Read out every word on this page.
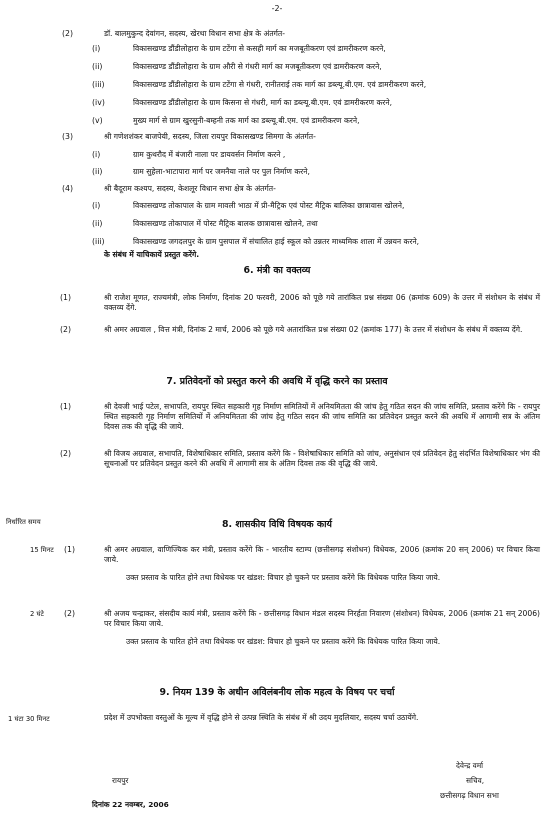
-2-
(2)	डॉ. बालमुकुन्द देवांगन, सदस्य, खेरथा विधान सभा क्षेत्र के अंतर्गत-
(i)	विकासखण्ड डौंडीलोहारा के ग्राम टटेंगा से कसही मार्ग का मजबूतीकरण एवं डामरीकरण करने,
(ii)	विकासखण्ड डौंडीलोहारा के ग्राम औरी से गंधरी मार्ग का मजबूतीकरण एवं डामरीकरण करने,
(iii)	विकासखण्ड डौंडीलोहारा के ग्राम टटेंगा से गंधरी, रानीतराई तक मार्ग का डब्ल्यू.बी.एम. एवं डामरीकरण करने,
(iv)	विकासखण्ड डौंडीलोहारा के ग्राम किसना से गंधरी, मार्ग का डब्ल्यू.बी.एम. एवं डामरीकरण करने,
(v)	मुख्य मार्ग से ग्राम खुरसुनी-बम्हनी तक मार्ग का डब्ल्यू.बी.एम. एवं डामरीकरण करने,
(3)	श्री गणेशशंकर बाजपेयी, सदस्य, जिला रायपुर विकासखण्ड सिमगा के अंतर्गत-
(i)	ग्राम कुथरौद में बंजारी नाला पर डायवर्सन निर्माण करने ,
(ii)	ग्राम सुहेला-भाटापारा मार्ग पर जमनैया नाले पर पुल निर्माण करने,
(4)	श्री बैदूराम कश्यप, सदस्य, केशलूर विधान सभा क्षेत्र के अंतर्गत-
(i)	विकासखण्ड तोकापाल के ग्राम मावली भाठा में प्री-मैट्रिक एवं पोस्ट मैट्रिक बालिका छात्रावास खोलने,
(ii)	विकासखण्ड तोकापाल में पोस्ट मैट्रिक बालक छात्रावास खोलने, तथा
(iii)	विकासखण्ड जगदलपुर के ग्राम पुसपाल में संचालित हाई स्कूल को उन्नतर माध्यमिक शाला में उन्नयन करने,
के संबंध में याचिकायें प्रस्तुत करेंगे.
6. मंत्री का वक्तव्य
(1)	श्री राजेश मूणत, राज्यमंत्री, लोक निर्माण, दिनांक 20 फरवरी, 2006 को पूछे गये तारांकित प्रश्न संख्या 06 (क्रमांक 609) के उत्तर में संशोधन के संबंध में वक्तव्य देंगे.
(2)	श्री अमर अग्रवाल , वित्त मंत्री, दिनांक 2 मार्च, 2006 को पूछे गये अतारांकित प्रश्न संख्या 02 (क्रमांक 177) के उत्तर में संशोधन के संबंध में वक्तव्य देंगे.
7. प्रतिवेदनों को प्रस्तुत करने की अवधि में वृद्धि करने का प्रस्ताव
(1)	श्री देवजी भाई पटेल, सभापति, रायपुर स्थित सहकारी गृह निर्माण समितियों में अनियमितता की जांच हेतु गठित सदन की जांच समिति, प्रस्ताव करेंगे कि - रायपुर स्थित सहकारी गृह निर्माण समितियों में अनियमितता की जांच हेतु गठित सदन की जांच समिति का प्रतिवेदन प्रस्तुत करने की अवधि में आगामी सत्र के अंतिम दिवस तक की वृद्धि की जाये.
(2)	श्री विजय अग्रवाल, सभापति, विशेषाधिकार समिति, प्रस्ताव करेंगे कि - विशेषाधिकार समिति को जांच, अनुसंधान एवं प्रतिवेदन हेतु संदर्भित विशेषाधिकार भंग की सूचनाओं पर प्रतिवेदन प्रस्तुत करने की अवधि में आगामी सत्र के अंतिम दिवस तक की वृद्धि की जाये.
निर्धारित समय	8. शासकीय विधि विषयक कार्य
15 मिनट (1)	श्री अमर अग्रवाल, वाणिज्यिक कर मंत्री, प्रस्ताव करेंगे कि - भारतीय स्टाम्प (छत्तीसगढ़ संशोधन) विधेयक, 2006 (क्रमांक 20 सन् 2006) पर विचार किया जाये.
उक्त प्रस्ताव के पारित होने तथा विधेयक पर खंडश: विचार हो चुकने पर प्रस्ताव करेंगे कि विधेयक पारित किया जाये.
2 घंटे	(2)	श्री अजय चन्द्राकर, संसदीय कार्य मंत्री, प्रस्ताव करेंगे कि - छत्तीसगढ़ विधान मंडल सदस्य निरर्हता निवारण (संशोधन) विधेयक, 2006 (क्रमांक 21 सन् 2006) पर विचार किया जाये.
उक्त प्रस्ताव के पारित होने तथा विधेयक पर खंडश: विचार हो चुकने पर प्रस्ताव करेंगे कि विधेयक पारित किया जाये.
9. नियम 139 के अधीन अविलंबनीय लोक महत्व के विषय पर चर्चा
1 घंटा 30 मिनट	प्रदेश में उपभोक्ता वस्तुओं के मूल्य में वृद्धि होने से उत्पन्न स्थिति के संबंध में श्री उदय मुदलियार, सदस्य चर्चा उठायेंगे.
रायपुर
दिनांक 22 नवम्बर, 2006
देवेन्द्र वर्मा
सचिव,
छत्तीसगढ़ विधान सभा
